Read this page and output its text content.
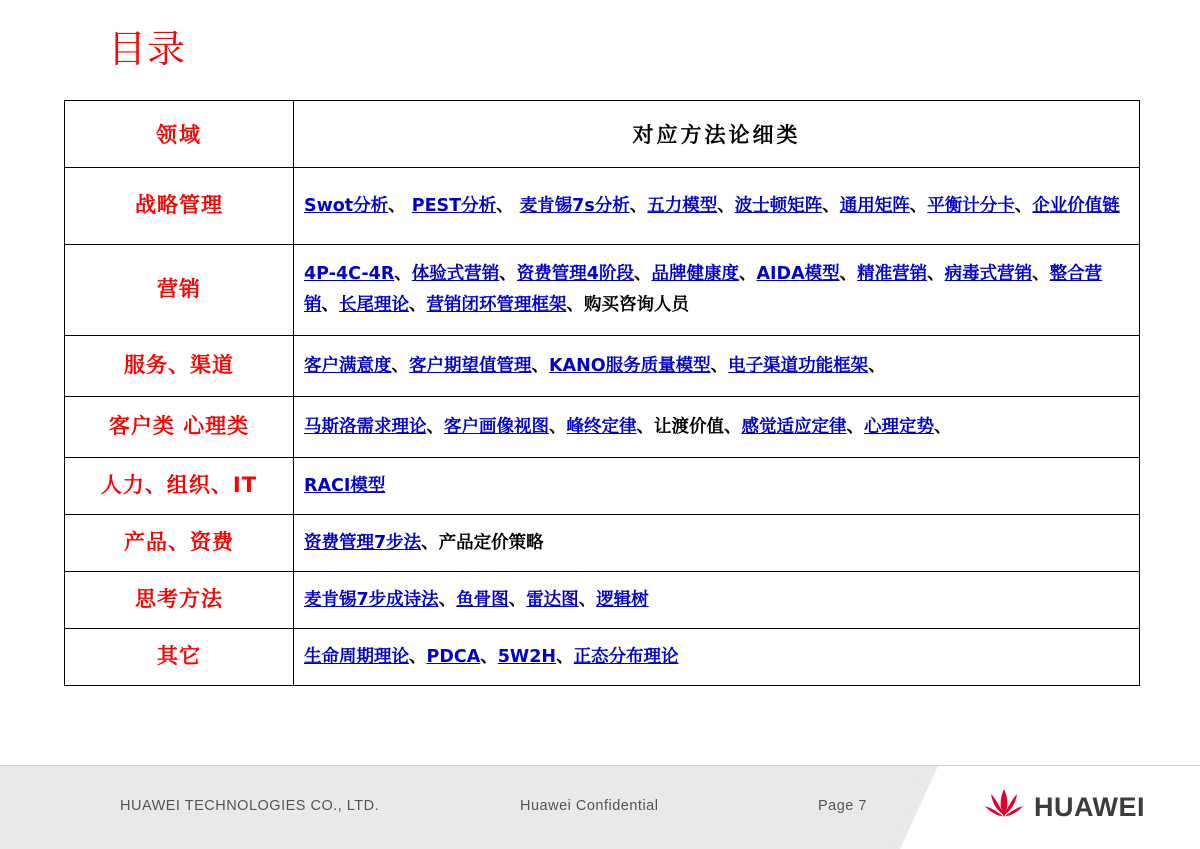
目录
领域	对应方法论细类

战略管理	Swot分析、 PEST分析、 麦肯锡7s分析、五力模型、波士顿矩阵、通用矩阵、平衡计分卡、企业价值链

营销	4P-4C-4R、体验式营销、资费管理4阶段、品牌健康度、AIDA模型、精准营销、病毒式营销、整合营销、长尾理论、营销闭环管理框架、购买咨询人员

服务、渠道	客户满意度、客户期望值管理、KANO服务质量模型、电子渠道功能框架、

客户类 心理类	马斯洛需求理论、客户画像视图、峰终定律、让渡价值、感觉适应定律、心理定势、

人力、组织、IT	RACI模型

产品、资费	资费管理7步法、产品定价策略

思考方法	麦肯锡7步成诗法、鱼骨图、雷达图、逻辑树

其它	生命周期理论、PDCA、5W2H、正态分布理论
HUAWEI TECHNOLOGIES CO., LTD.	Huawei Confidential	Page 7	HUAWEI
